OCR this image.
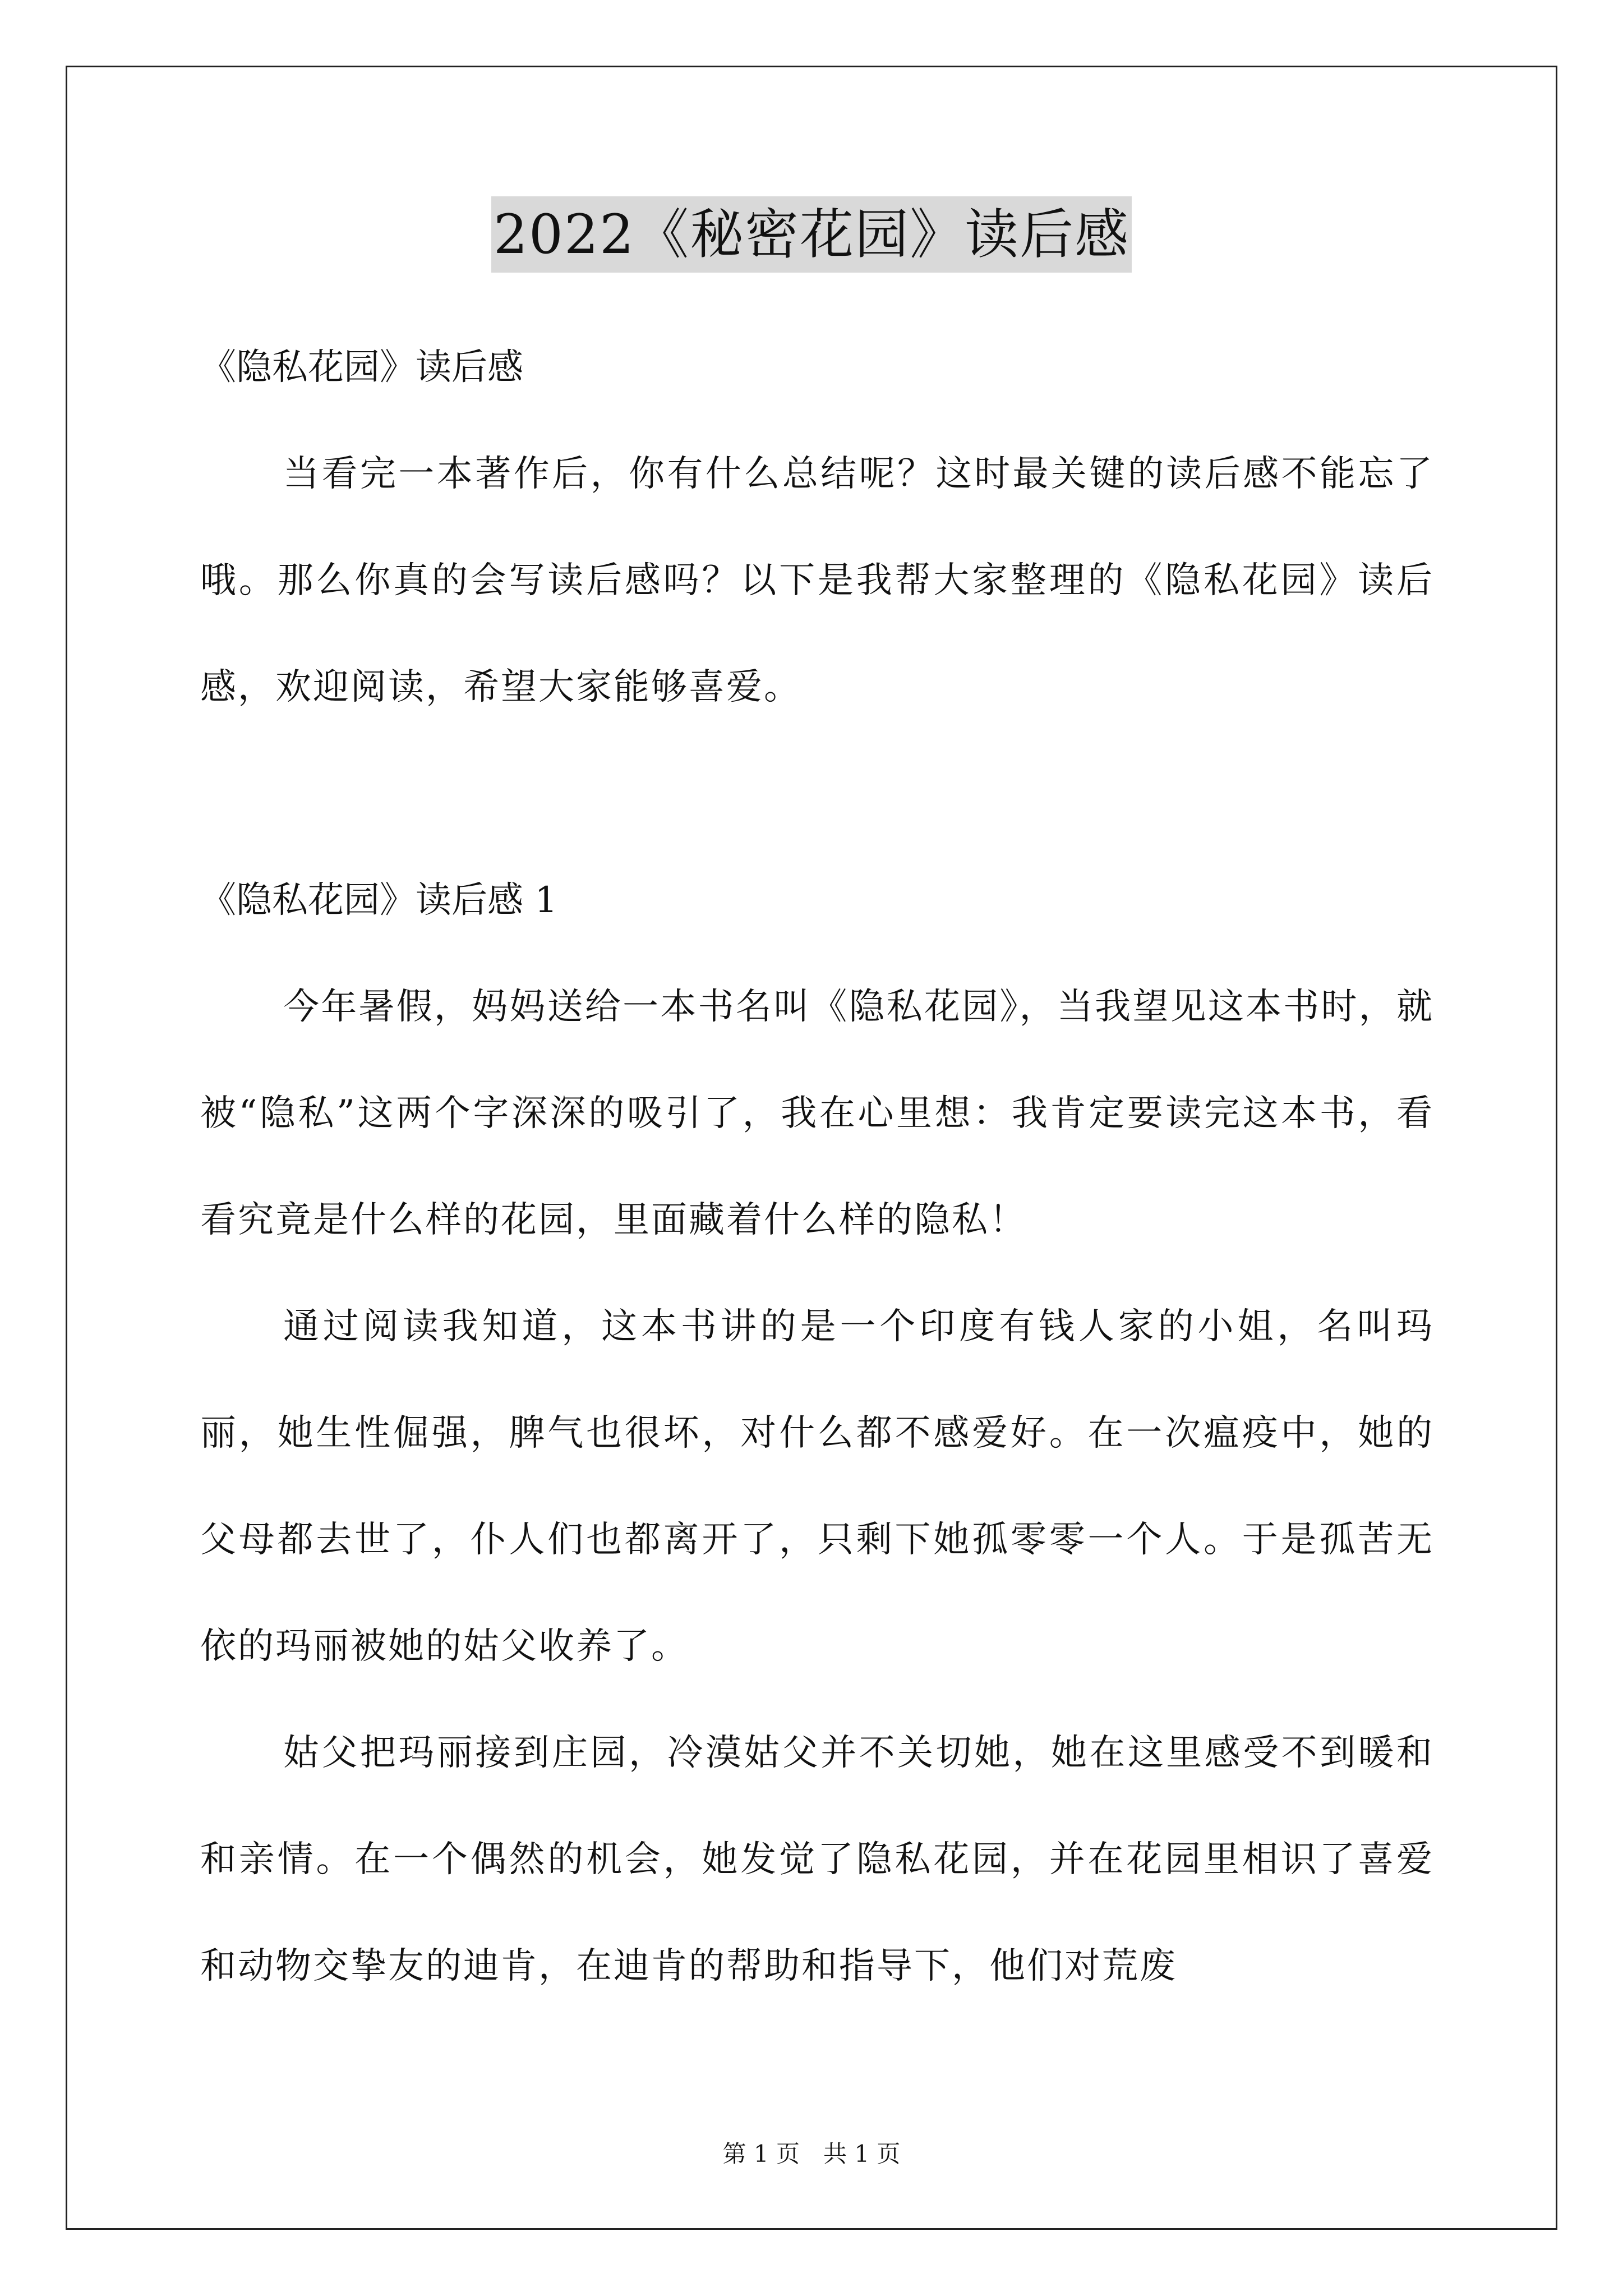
2022《秘密花园》读后感

《隐私花园》读后感

当看完一本著作后，你有什么总结呢？这时最关键的读后感不能忘了哦。那么你真的会写读后感吗？以下是我帮大家整理的《隐私花园》读后感，欢迎阅读，希望大家能够喜爱。

《隐私花园》读后感 1

今年暑假，妈妈送给一本书名叫《隐私花园》，当我望见这本书时，就被“隐私”这两个字深深的吸引了，我在心里想：我肯定要读完这本书，看看究竟是什么样的花园，里面藏着什么样的隐私！

通过阅读我知道，这本书讲的是一个印度有钱人家的小姐，名叫玛丽，她生性倔强，脾气也很坏，对什么都不感爱好。在一次瘟疫中，她的父母都去世了，仆人们也都离开了，只剩下她孤零零一个人。于是孤苦无依的玛丽被她的姑父收养了。

姑父把玛丽接到庄园，冷漠姑父并不关切她，她在这里感受不到暖和和亲情。在一个偶然的机会，她发觉了隐私花园，并在花园里相识了喜爱和动物交挚友的迪肯，在迪肯的帮助和指导下，他们对荒废

第 1 页　共 1 页
